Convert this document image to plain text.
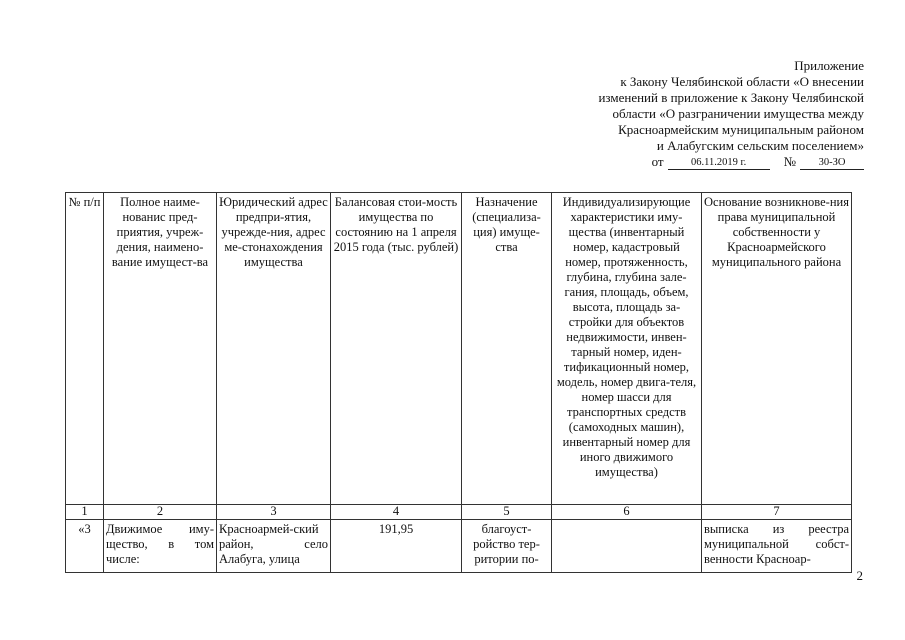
Приложение
к Закону Челябинской области «О внесении
изменений в приложение к Закону Челябинской
области «О разграничении имущества между
Красноармейским муниципальным районом
и Алабугским сельским поселением»
от	06.11.2019 г.	№	30-ЗО
№ п/п	Полное наиме-нованис пред-приятия, учреж-дения, наимено-вание имущест-ва	Юридический адрес предпри-ятия, учрежде-ния, адрес ме-стонахождения имущества	Балансовая стои-мость имущества по состоянию на 1 апреля 2015 года (тыс. рублей)	Назначение (специализа-ция) имуще-ства	Индивидуализирующие характеристики иму-щества (инвентарный номер, кадастровый номер, протяженность, глубина, глубина зале-гания, площадь, объем, высота, площадь за-стройки для объектов недвижимости, инвен-тарный номер, иден-тификационный номер, модель, номер двига-теля, номер шасси для транспортных средств (самоходных машин), инвентарный номер для иного движимого имущества)	Основание возникнове-ния права муниципальной собственности у Красноармейского муниципального района
1	2	3	4	5	6	7
«3	Движимое иму-щество, в том числе:	Красноармей-ский район, село Алабуга, улица	191,95	благоуст-ройство тер-ритории по-		выписка из реестра муниципальной собст-венности Красноар-
2
